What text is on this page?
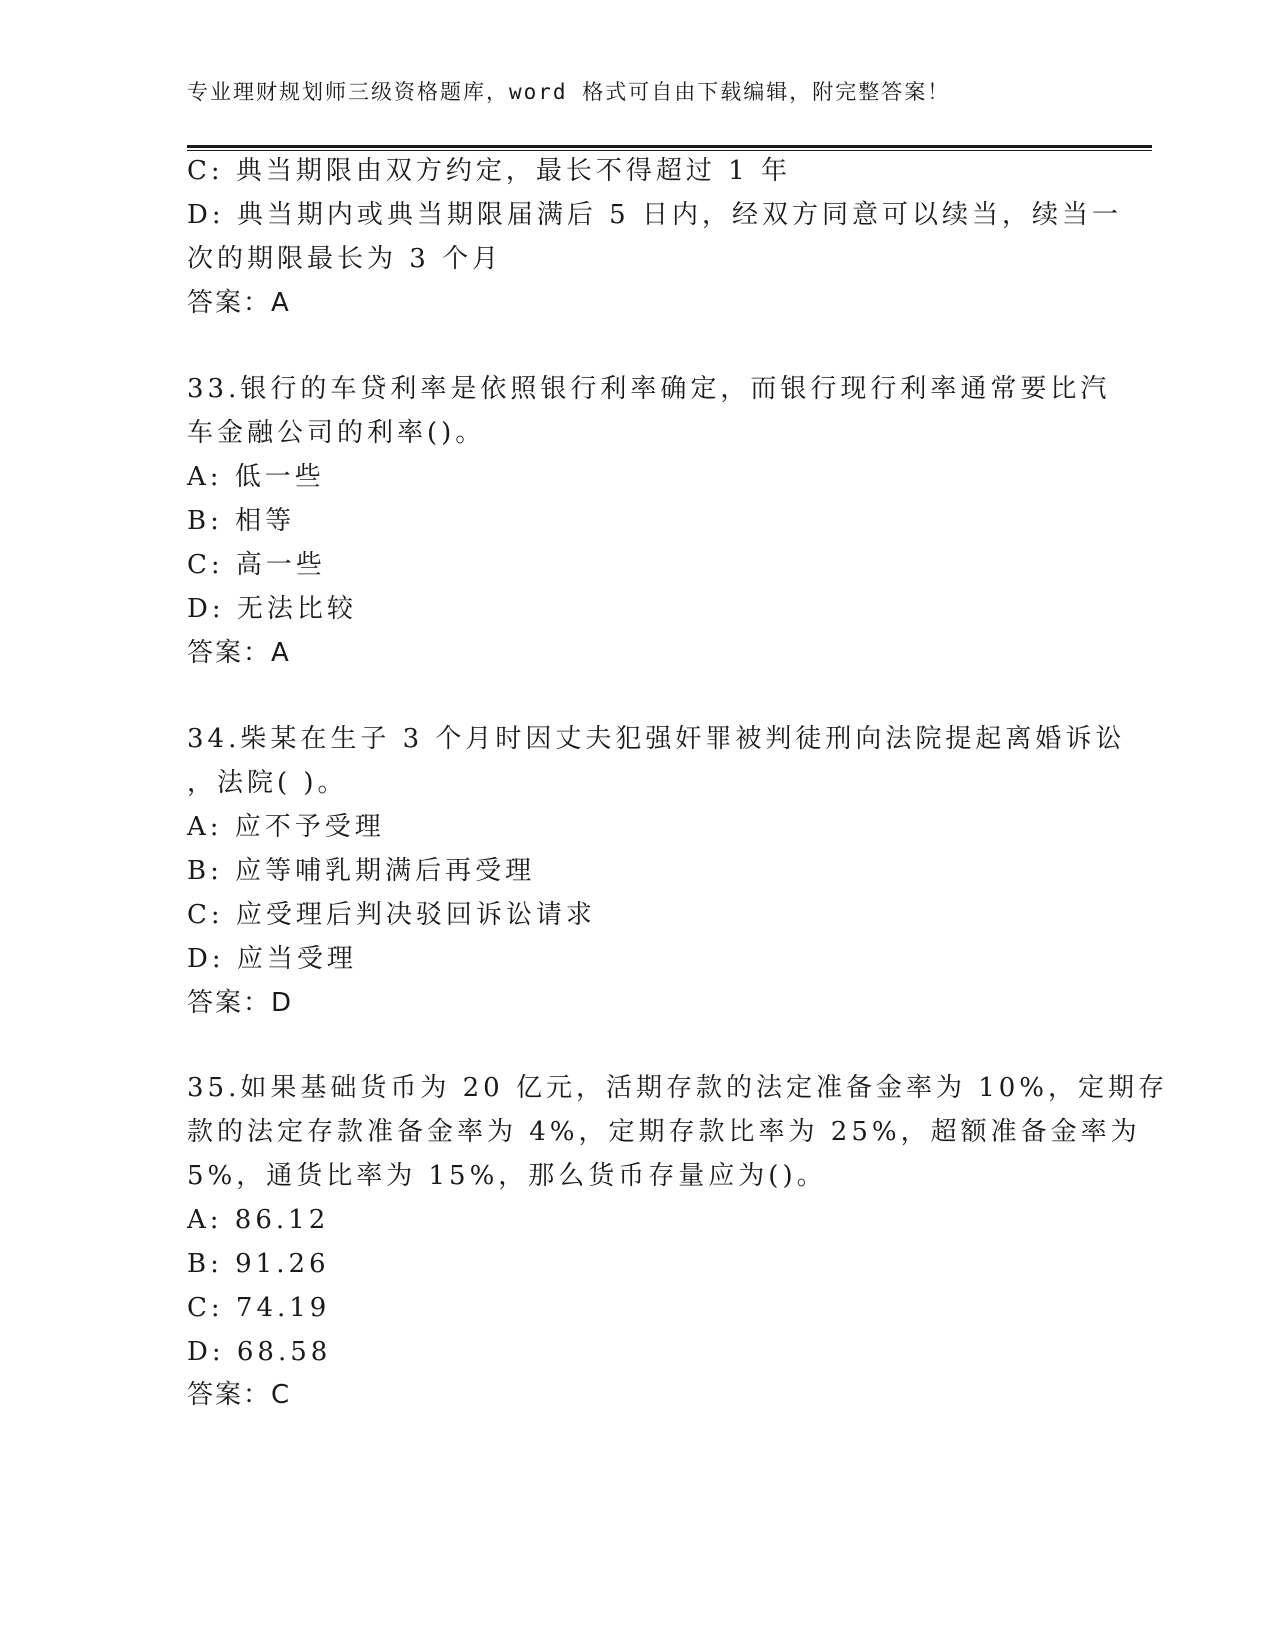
专业理财规划师三级资格题库，word 格式可自由下载编辑，附完整答案！
C: 典当期限由双方约定，最长不得超过 1 年
D: 典当期内或典当期限届满后 5 日内，经双方同意可以续当，续当一
次的期限最长为 3 个月
答案：A
33.银行的车贷利率是依照银行利率确定，而银行现行利率通常要比汽
车金融公司的利率()。
A: 低一些
B: 相等
C: 高一些
D: 无法比较
答案：A
34.柴某在生子 3 个月时因丈夫犯强奸罪被判徒刑向法院提起离婚诉讼
，法院( )。
A: 应不予受理
B: 应等哺乳期满后再受理
C: 应受理后判决驳回诉讼请求
D: 应当受理
答案：D
35.如果基础货币为 20 亿元，活期存款的法定准备金率为 10%，定期存
款的法定存款准备金率为 4%，定期存款比率为 25%，超额准备金率为
5%，通货比率为 15%，那么货币存量应为()。
A: 86.12
B: 91.26
C: 74.19
D: 68.58
答案：C
